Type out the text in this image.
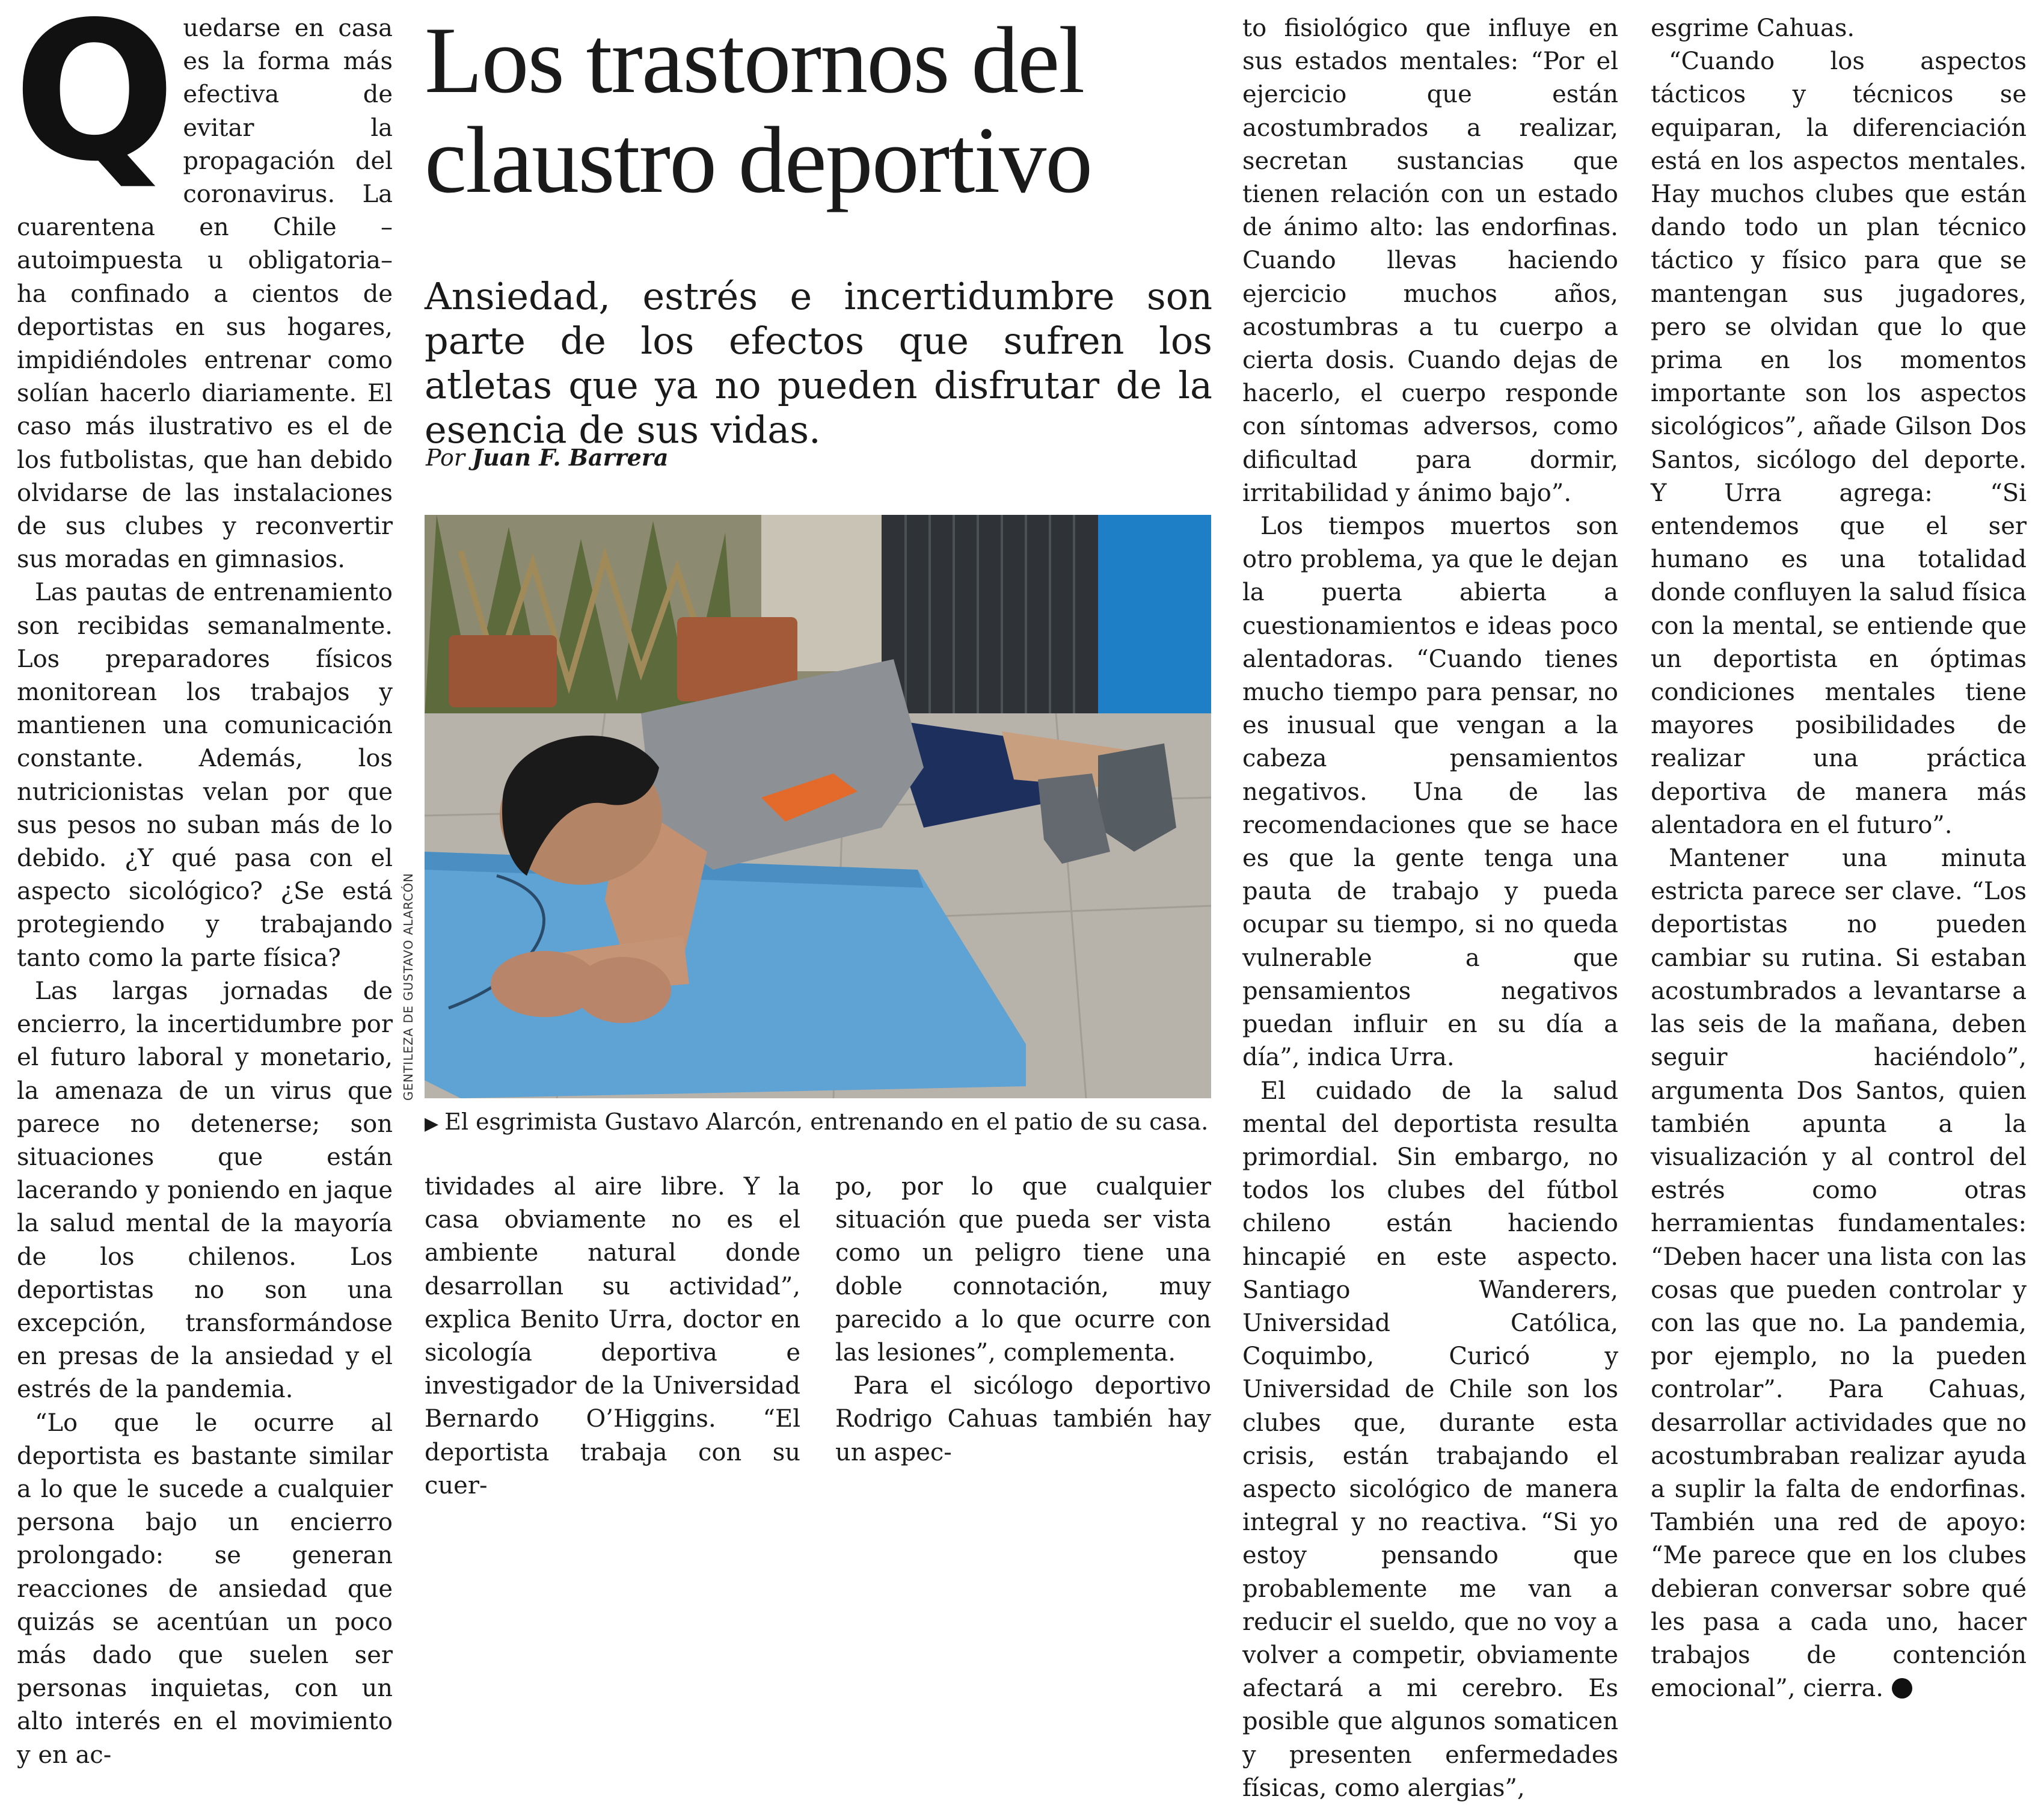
Quedarse en casa es la forma más efectiva de evitar la propagación del coronavirus. La cuarentena en Chile –autoimpuesta u obligatoria– ha confinado a cientos de deportistas en sus hogares, impidiéndoles entrenar como solían hacerlo diariamente. El caso más ilustrativo es el de los futbolistas, que han debido olvidarse de las instalaciones de sus clubes y reconvertir sus moradas en gimnasios.

Las pautas de entrenamiento son recibidas semanalmente. Los preparadores físicos monitorean los trabajos y mantienen una comunicación constante. Además, los nutricionistas velan por que sus pesos no suban más de lo debido. ¿Y qué pasa con el aspecto sicológico? ¿Se está protegiendo y trabajando tanto como la parte física?

Las largas jornadas de encierro, la incertidumbre por el futuro laboral y monetario, la amenaza de un virus que parece no detenerse; son situaciones que están lacerando y poniendo en jaque la salud mental de la mayoría de los chilenos. Los deportistas no son una excepción, transformándose en presas de la ansiedad y el estrés de la pandemia.

“Lo que le ocurre al deportista es bastante similar a lo que le sucede a cualquier persona bajo un encierro prolongado: se generan reacciones de ansiedad que quizás se acentúan un poco más dado que suelen ser personas inquietas, con un alto interés en el movimiento y en ac-

Los trastornos del claustro deportivo

Ansiedad, estrés e incertidumbre son parte de los efectos que sufren los atletas que ya no pueden disfrutar de la esencia de sus vidas.

Por Juan F. Barrera

GENTILEZA DE GUSTAVO ALARCÓN

▶ El esgrimista Gustavo Alarcón, entrenando en el patio de su casa.

tividades al aire libre. Y la casa obviamente no es el ambiente natural donde desarrollan su actividad”, explica Benito Urra, doctor en sicología deportiva e investigador de la Universidad Bernardo O’Higgins. “El deportista trabaja con su cuer-

po, por lo que cualquier situación que pueda ser vista como un peligro tiene una doble connotación, muy parecido a lo que ocurre con las lesiones”, complementa.

Para el sicólogo deportivo Rodrigo Cahuas también hay un aspec-

to fisiológico que influye en sus estados mentales: “Por el ejercicio que están acostumbrados a realizar, secretan sustancias que tienen relación con un estado de ánimo alto: las endorfinas. Cuando llevas haciendo ejercicio muchos años, acostumbras a tu cuerpo a cierta dosis. Cuando dejas de hacerlo, el cuerpo responde con síntomas adversos, como dificultad para dormir, irritabilidad y ánimo bajo”.

Los tiempos muertos son otro problema, ya que le dejan la puerta abierta a cuestionamientos e ideas poco alentadoras. “Cuando tienes mucho tiempo para pensar, no es inusual que vengan a la cabeza pensamientos negativos. Una de las recomendaciones que se hace es que la gente tenga una pauta de trabajo y pueda ocupar su tiempo, si no queda vulnerable a que pensamientos negativos puedan influir en su día a día”, indica Urra.

El cuidado de la salud mental del deportista resulta primordial. Sin embargo, no todos los clubes del fútbol chileno están haciendo hincapié en este aspecto. Santiago Wanderers, Universidad Católica, Coquimbo, Curicó y Universidad de Chile son los clubes que, durante esta crisis, están trabajando el aspecto sicológico de manera integral y no reactiva. “Si yo estoy pensando que probablemente me van a reducir el sueldo, que no voy a volver a competir, obviamente afectará a mi cerebro. Es posible que algunos somaticen y presenten enfermedades físicas, como alergias”,

esgrime Cahuas.

“Cuando los aspectos tácticos y técnicos se equiparan, la diferenciación está en los aspectos mentales. Hay muchos clubes que están dando todo un plan técnico táctico y físico para que se mantengan sus jugadores, pero se olvidan que lo que prima en los momentos importante son los aspectos sicológicos”, añade Gilson Dos Santos, sicólogo del deporte. Y Urra agrega: “Si entendemos que el ser humano es una totalidad donde confluyen la salud física con la mental, se entiende que un deportista en óptimas condiciones mentales tiene mayores posibilidades de realizar una práctica deportiva de manera más alentadora en el futuro”.

Mantener una minuta estricta parece ser clave. “Los deportistas no pueden cambiar su rutina. Si estaban acostumbrados a levantarse a las seis de la mañana, deben seguir haciéndolo”, argumenta Dos Santos, quien también apunta a la visualización y al control del estrés como otras herramientas fundamentales: “Deben hacer una lista con las cosas que pueden controlar y con las que no. La pandemia, por ejemplo, no la pueden controlar”. Para Cahuas, desarrollar actividades que no acostumbraban realizar ayuda a suplir la falta de endorfinas. También una red de apoyo: “Me parece que en los clubes debieran conversar sobre qué les pasa a cada uno, hacer trabajos de contención emocional”, cierra.
